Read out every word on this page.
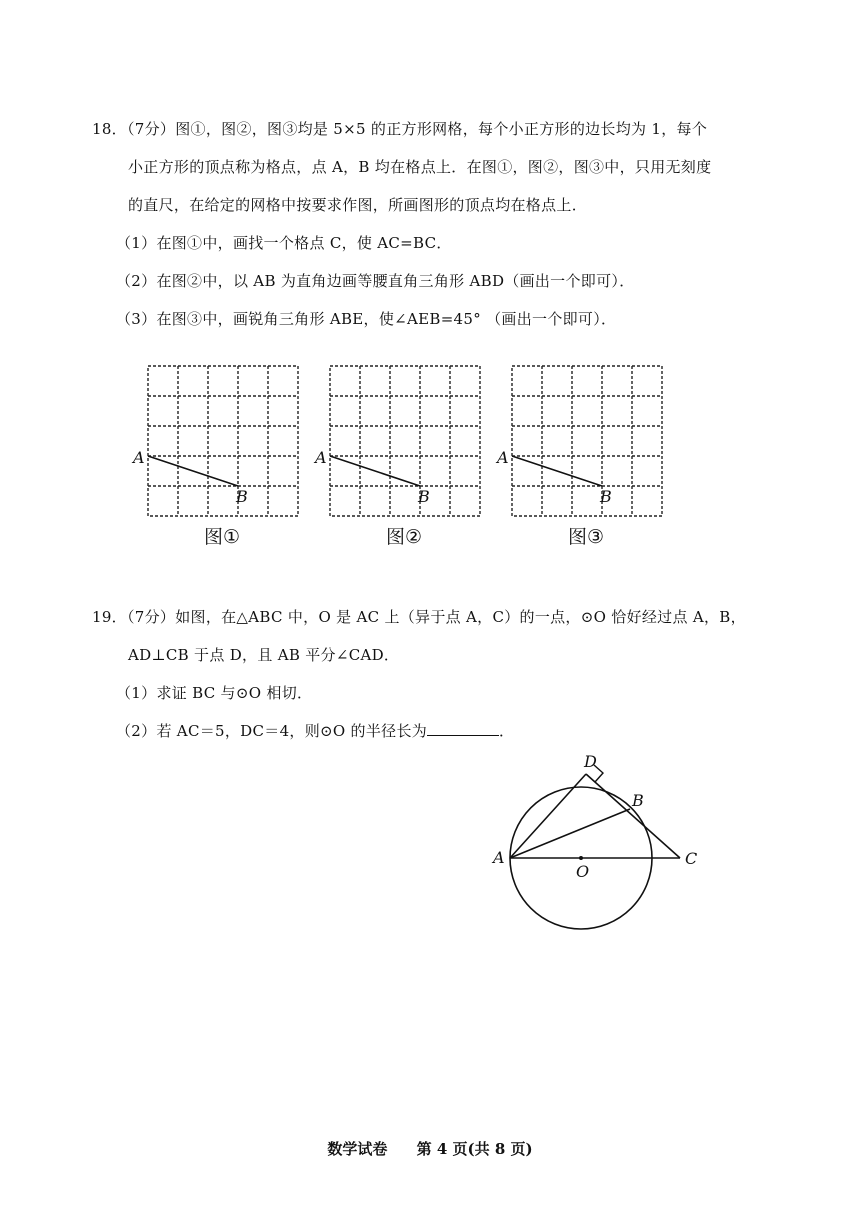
18．（7分）图①，图②，图③均是 5×5 的正方形网格，每个小正方形的边长均为 1，每个
小正方形的顶点称为格点，点 A，B 均在格点上．在图①，图②，图③中，只用无刻度
的直尺，在给定的网格中按要求作图，所画图形的顶点均在格点上．
（1）在图①中，画找一个格点 C，使 AC=BC．
（2）在图②中，以 AB 为直角边画等腰直角三角形 ABD（画出一个即可）．
（3）在图③中，画锐角三角形 ABE，使∠AEB=45° （画出一个即可）．
A
B
图①
A
B
图②
A
B
图③
19．（7分）如图，在△ABC 中，O 是 AC 上（异于点 A，C）的一点，⊙O 恰好经过点 A，B，
AD⊥CB 于点 D，且 AB 平分∠CAD．
（1）求证 BC 与⊙O 相切．
（2）若 AC＝5，DC＝4，则⊙O 的半径长为	．
A
B
C
D
O
数学试卷 第 4 页(共 8 页)
